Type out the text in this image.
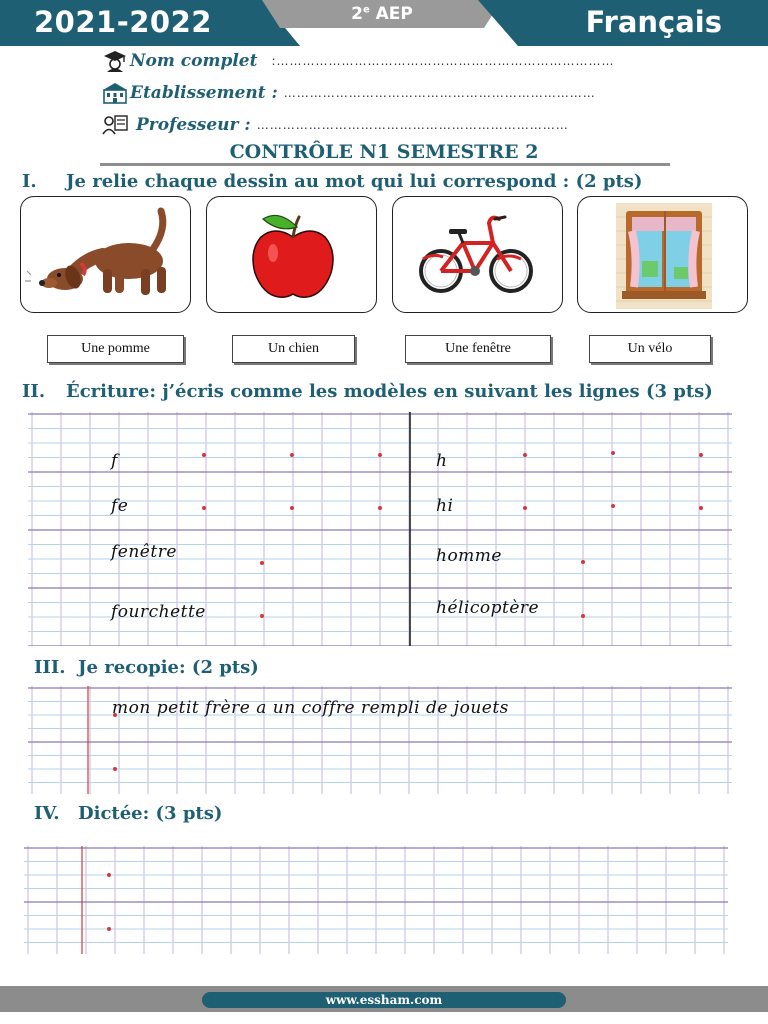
2021-2022	2e AEP	Français
Nom complet :……………………………………………………………………
Etablissement : ………………………………………………………………
Professeur : ………………………………………………………………
CONTRÔLE N1 SEMESTRE 2
I. Je relie chaque dessin au mot qui lui correspond : (2 pts)
Une pomme	Un chien	Une fenêtre	Un vélo
II. Écriture: j’écris comme les modèles en suivant les lignes (3 pts)
f
fe
fenêtre
fourchette
h
hi
homme
hélicoptère
III. Je recopie: (2 pts)
mon petit frère a un coffre rempli de jouets
IV. Dictée: (3 pts)
www.essham.com
